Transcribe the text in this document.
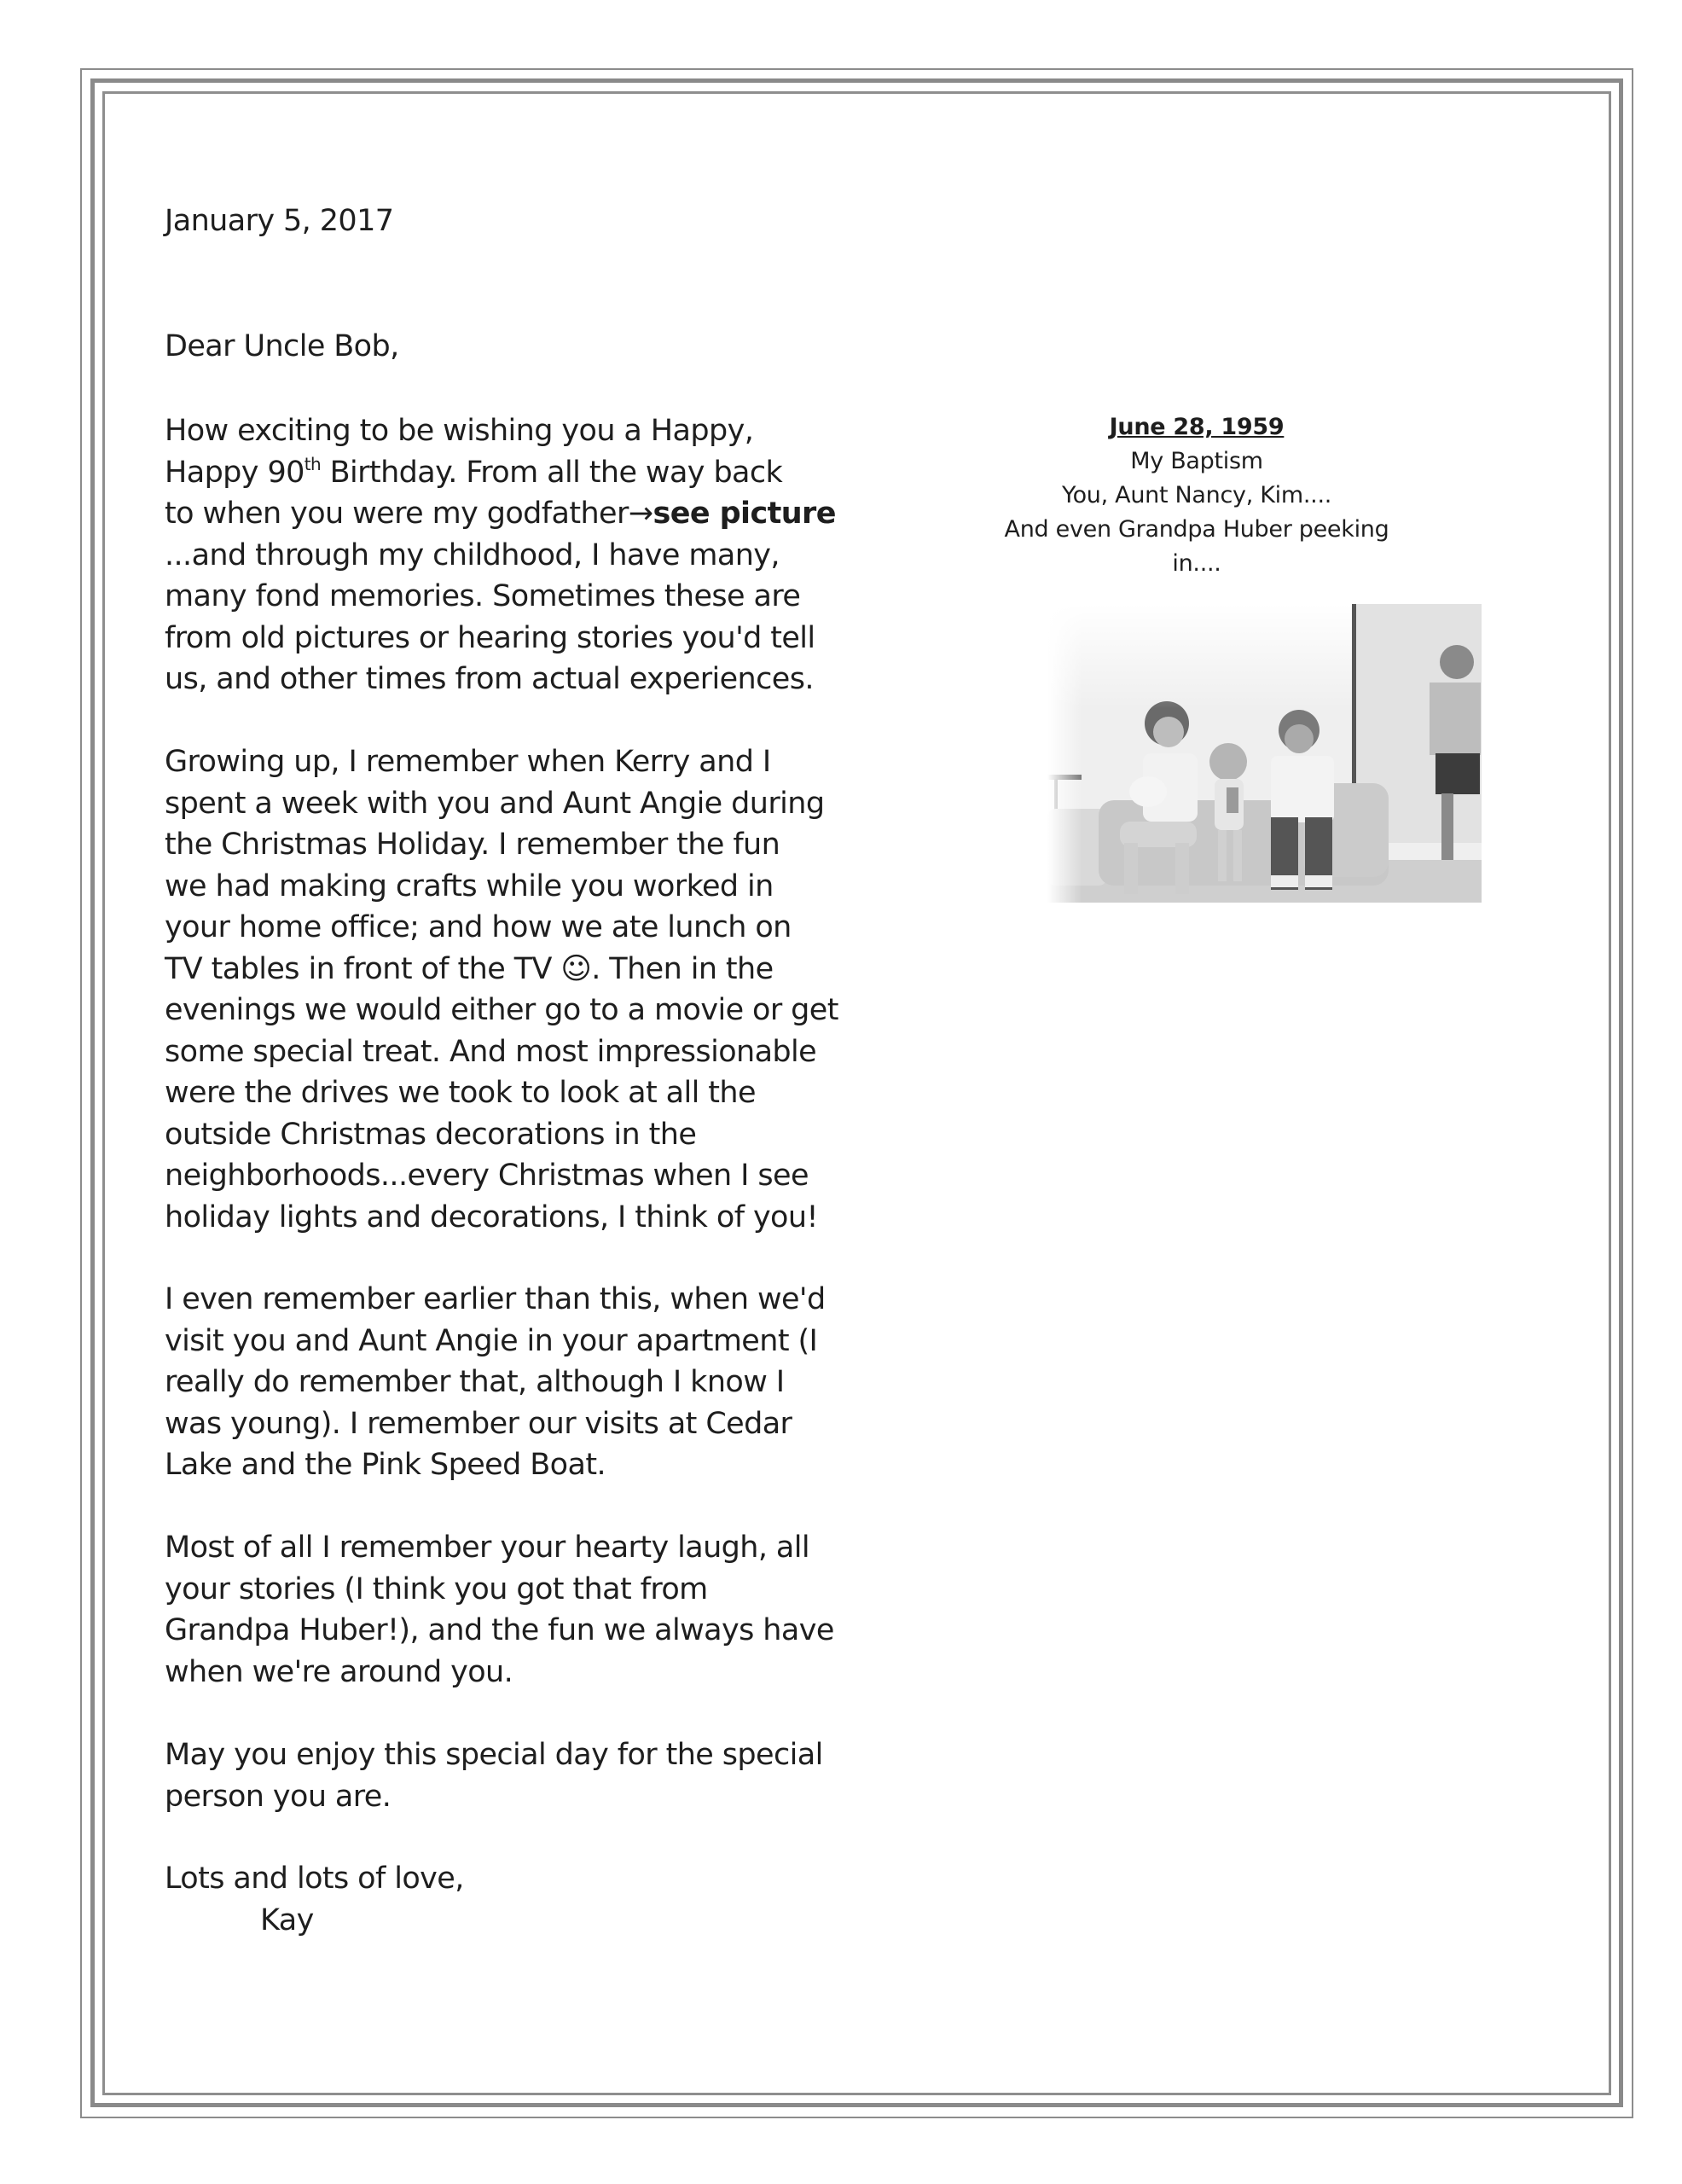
January 5, 2017
Dear Uncle Bob,
How exciting to be wishing you a Happy,
Happy 90th Birthday. From all the way back
to when you were my godfather→see picture
...and through my childhood, I have many,
many fond memories. Sometimes these are
from old pictures or hearing stories you'd tell
us, and other times from actual experiences.
Growing up, I remember when Kerry and I
spent a week with you and Aunt Angie during
the Christmas Holiday. I remember the fun
we had making crafts while you worked in
your home office; and how we ate lunch on
TV tables in front of the TV ☺. Then in the
evenings we would either go to a movie or get
some special treat. And most impressionable
were the drives we took to look at all the
outside Christmas decorations in the
neighborhoods...every Christmas when I see
holiday lights and decorations, I think of you!
I even remember earlier than this, when we'd
visit you and Aunt Angie in your apartment (I
really do remember that, although I know I
was young). I remember our visits at Cedar
Lake and the Pink Speed Boat.
Most of all I remember your hearty laugh, all
your stories (I think you got that from
Grandpa Huber!), and the fun we always have
when we're around you.
May you enjoy this special day for the special
person you are.
Lots and lots of love,
Kay
June 28, 1959
My Baptism
You, Aunt Nancy, Kim....
And even Grandpa Huber peeking in....
